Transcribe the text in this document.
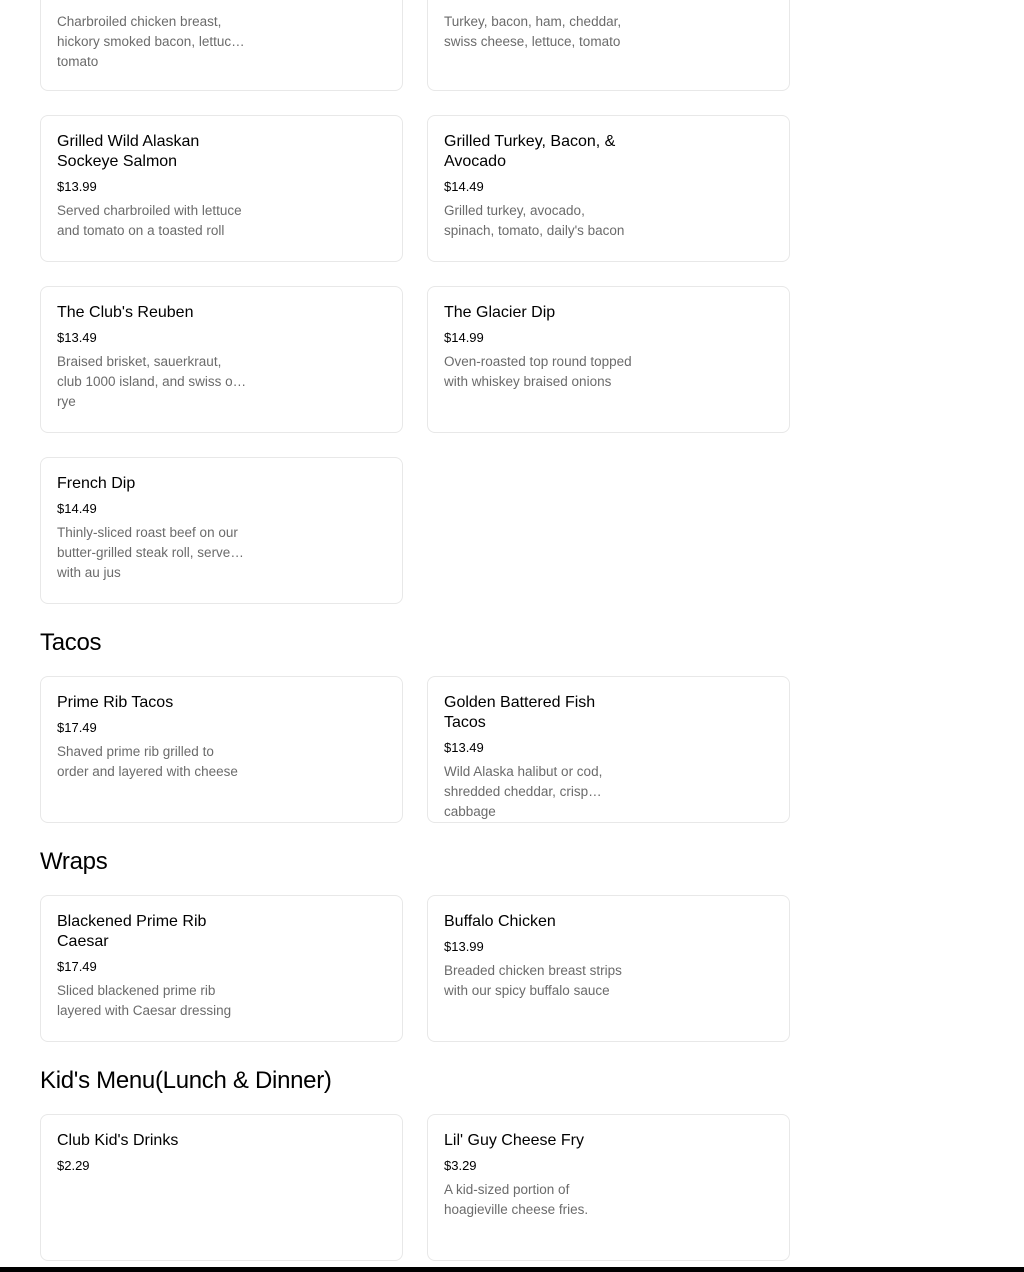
Charbroiled chicken breast, hickory smoked bacon, lettuce, tomato
Turkey, bacon, ham, cheddar, swiss cheese, lettuce, tomato
Grilled Wild Alaskan Sockeye Salmon
$13.99
Served charbroiled with lettuce and tomato on a toasted roll
Grilled Turkey, Bacon, & Avocado
$14.49
Grilled turkey, avocado, spinach, tomato, daily's bacon
The Club's Reuben
$13.49
Braised brisket, sauerkraut, club 1000 island, and swiss on rye
The Glacier Dip
$14.99
Oven-roasted top round topped with whiskey braised onions
French Dip
$14.49
Thinly-sliced roast beef on our butter-grilled steak roll, served with au jus
Tacos
Prime Rib Tacos
$17.49
Shaved prime rib grilled to order and layered with cheese
Golden Battered Fish Tacos
$13.49
Wild Alaska halibut or cod, shredded cheddar, crisp cabbage
Wraps
Blackened Prime Rib Caesar
$17.49
Sliced blackened prime rib layered with Caesar dressing
Buffalo Chicken
$13.99
Breaded chicken breast strips with our spicy buffalo sauce
Kid's Menu(Lunch & Dinner)
Club Kid's Drinks
$2.29
Lil' Guy Cheese Fry
$3.29
A kid-sized portion of hoagieville cheese fries.
